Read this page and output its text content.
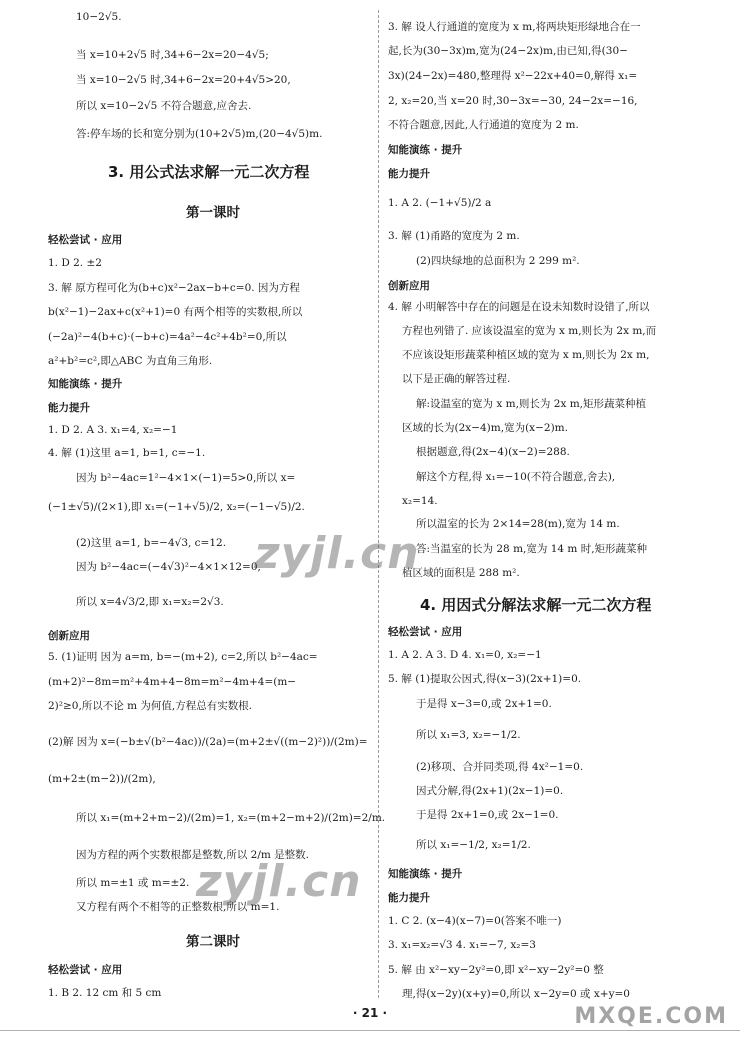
10−2√5.
当 x=10+2√5 时,34+6−2x=20−4√5;
当 x=10−2√5 时,34+6−2x=20+4√5>20,
所以 x=10−2√5 不符合题意,应舍去.
答:停车场的长和宽分别为(10+2√5)m,(20−4√5)m.
3. 用公式法求解一元二次方程
第一课时
轻松尝试 · 应用
1. D 2. ±2
3. 解 原方程可化为(b+c)x²−2ax−b+c=0. 因为方程
b(x²−1)−2ax+c(x²+1)=0 有两个相等的实数根,所以
(−2a)²−4(b+c)·(−b+c)=4a²−4c²+4b²=0,所以
a²+b²=c²,即△ABC 为直角三角形.
知能演练 · 提升
能力提升
1. D 2. A 3. x₁=4, x₂=−1
4. 解 (1)这里 a=1, b=1, c=−1.
因为 b²−4ac=1²−4×1×(−1)=5>0,所以 x=
(−1±√5)/(2×1),即 x₁=(−1+√5)/2, x₂=(−1−√5)/2.
(2)这里 a=1, b=−4√3, c=12.
因为 b²−4ac=(−4√3)²−4×1×12=0,
所以 x=4√3/2,即 x₁=x₂=2√3.
创新应用
5. (1)证明 因为 a=m, b=−(m+2), c=2,所以 b²−4ac=
(m+2)²−8m=m²+4m+4−8m=m²−4m+4=(m−
2)²≥0,所以不论 m 为何值,方程总有实数根.
(2)解 因为 x=(−b±√(b²−4ac))/(2a)=(m+2±√((m−2)²))/(2m)=
(m+2±(m−2))/(2m),
所以 x₁=(m+2+m−2)/(2m)=1, x₂=(m+2−m+2)/(2m)=2/m.
因为方程的两个实数根都是整数,所以 2/m 是整数.
所以 m=±1 或 m=±2.
又方程有两个不相等的正整数根,所以 m=1.
第二课时
轻松尝试 · 应用
1. B 2. 12 cm 和 5 cm
3. 解 设人行通道的宽度为 x m,将两块矩形绿地合在一
起,长为(30−3x)m,宽为(24−2x)m,由已知,得(30−
3x)(24−2x)=480,整理得 x²−22x+40=0,解得 x₁=
2, x₂=20,当 x=20 时,30−3x=−30, 24−2x=−16,
不符合题意,因此,人行通道的宽度为 2 m.
知能演练 · 提升
能力提升
1. A 2. (−1+√5)/2 a
3. 解 (1)甬路的宽度为 2 m.
(2)四块绿地的总面积为 2 299 m².
创新应用
4. 解 小明解答中存在的问题是在设未知数时设错了,所以
方程也列错了. 应该设温室的宽为 x m,则长为 2x m,而
不应该设矩形蔬菜种植区域的宽为 x m,则长为 2x m,
以下是正确的解答过程.
解:设温室的宽为 x m,则长为 2x m,矩形蔬菜种植
区域的长为(2x−4)m,宽为(x−2)m.
根据题意,得(2x−4)(x−2)=288.
解这个方程,得 x₁=−10(不符合题意,舍去),
x₂=14.
所以温室的长为 2×14=28(m),宽为 14 m.
答:当温室的长为 28 m,宽为 14 m 时,矩形蔬菜种
植区域的面积是 288 m².
4. 用因式分解法求解一元二次方程
轻松尝试 · 应用
1. A 2. A 3. D 4. x₁=0, x₂=−1
5. 解 (1)提取公因式,得(x−3)(2x+1)=0.
于是得 x−3=0,或 2x+1=0.
所以 x₁=3, x₂=−1/2.
(2)移项、合并同类项,得 4x²−1=0.
因式分解,得(2x+1)(2x−1)=0.
于是得 2x+1=0,或 2x−1=0.
所以 x₁=−1/2, x₂=1/2.
知能演练 · 提升
能力提升
1. C 2. (x−4)(x−7)=0(答案不唯一)
3. x₁=x₂=√3 4. x₁=−7, x₂=3
5. 解 由 x²−xy−2y²=0,即 x²−xy−2y²=0 整
理,得(x−2y)(x+y)=0,所以 x−2y=0 或 x+y=0
zyjl.cn
zyjl.cn
MXQE.COM
· 21 ·
